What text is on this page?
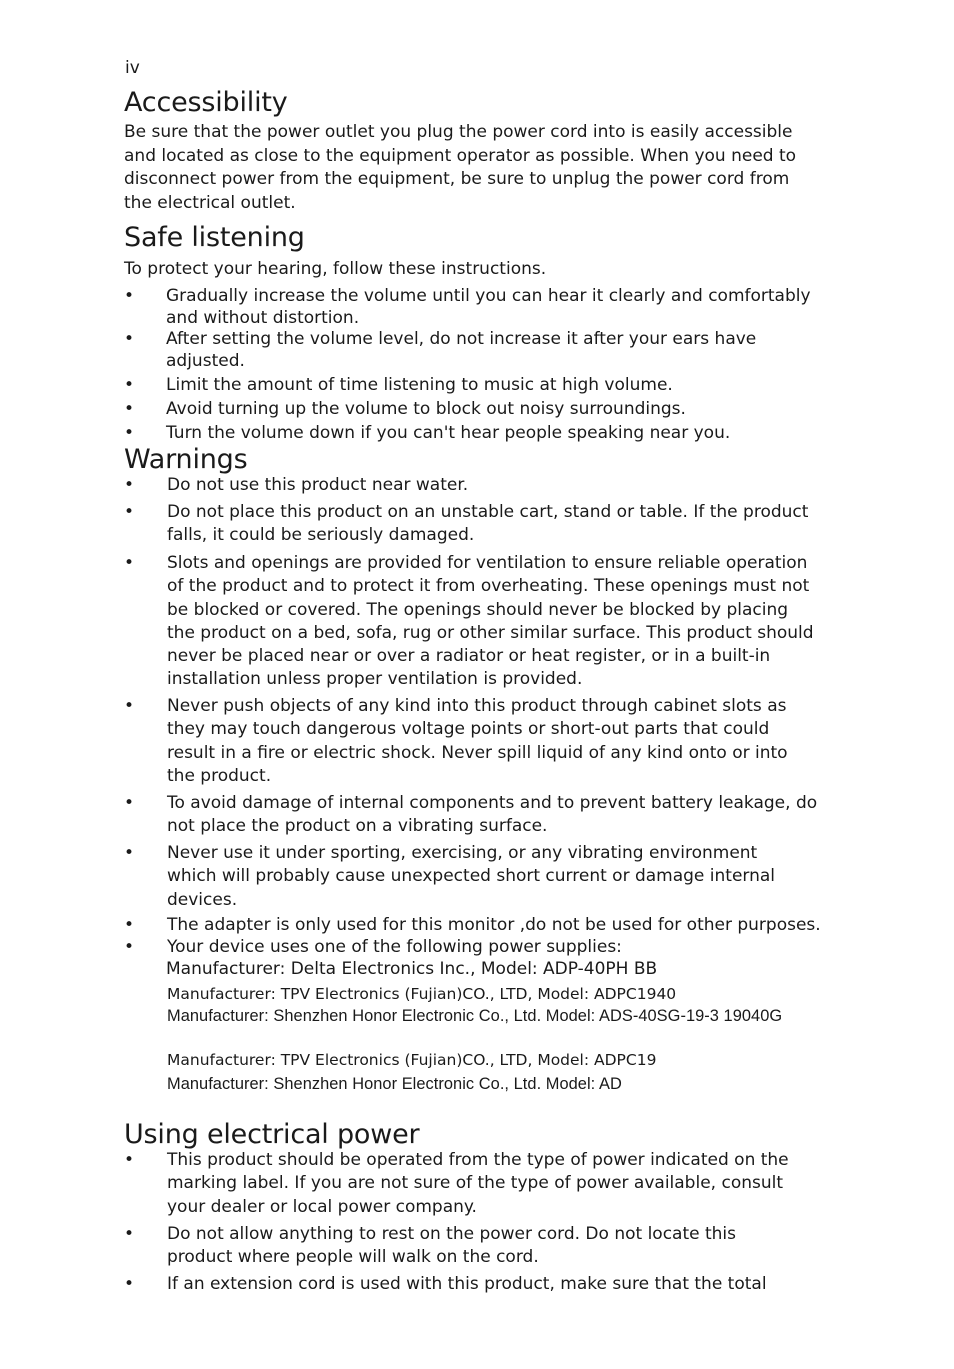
iv
Accessibility

Be sure that the power outlet you plug the power cord into is easily accessible and located as close to the equipment operator as possible. When you need to disconnect power from the equipment, be sure to unplug the power cord from the electrical outlet.

Safe listening

To protect your hearing, follow these instructions.

• Gradually increase the volume until you can hear it clearly and comfortably and without distortion.
• After setting the volume level, do not increase it after your ears have adjusted.
• Limit the amount of time listening to music at high volume.
• Avoid turning up the volume to block out noisy surroundings.
• Turn the volume down if you can't hear people speaking near you.
Warnings
• Do not use this product near water.
• Do not place this product on an unstable cart, stand or table. If the product falls, it could be seriously damaged.
• Slots and openings are provided for ventilation to ensure reliable operation of the product and to protect it from overheating. These openings must not be blocked or covered. The openings should never be blocked by placing the product on a bed, sofa, rug or other similar surface. This product should never be placed near or over a radiator or heat register, or in a built-in installation unless proper ventilation is provided.
• Never push objects of any kind into this product through cabinet slots as they may touch dangerous voltage points or short-out parts that could result in a fire or electric shock. Never spill liquid of any kind onto or into the product.
• To avoid damage of internal components and to prevent battery leakage, do not place the product on a vibrating surface.
• Never use it under sporting, exercising, or any vibrating environment which will probably cause unexpected short current or damage internal devices.
• The adapter is only used for this monitor ,do not be used for other purposes.
• Your device uses one of the following power supplies:
Manufacturer: Delta Electronics Inc., Model: ADP-40PH BB
Manufacturer: TPV Electronics (Fujian)CO., LTD, Model: ADPC1940
Manufacturer: Shenzhen Honor Electronic Co., Ltd. Model: ADS-40SG-19-3 19040G
Manufacturer: TPV Electronics (Fujian)CO., LTD, Model: ADPC19
Manufacturer: Shenzhen Honor Electronic Co., Ltd. Model: AD
Using electrical power
• This product should be operated from the type of power indicated on the marking label. If you are not sure of the type of power available, consult your dealer or local power company.
• Do not allow anything to rest on the power cord. Do not locate this product where people will walk on the cord.
• If an extension cord is used with this product, make sure that the total
